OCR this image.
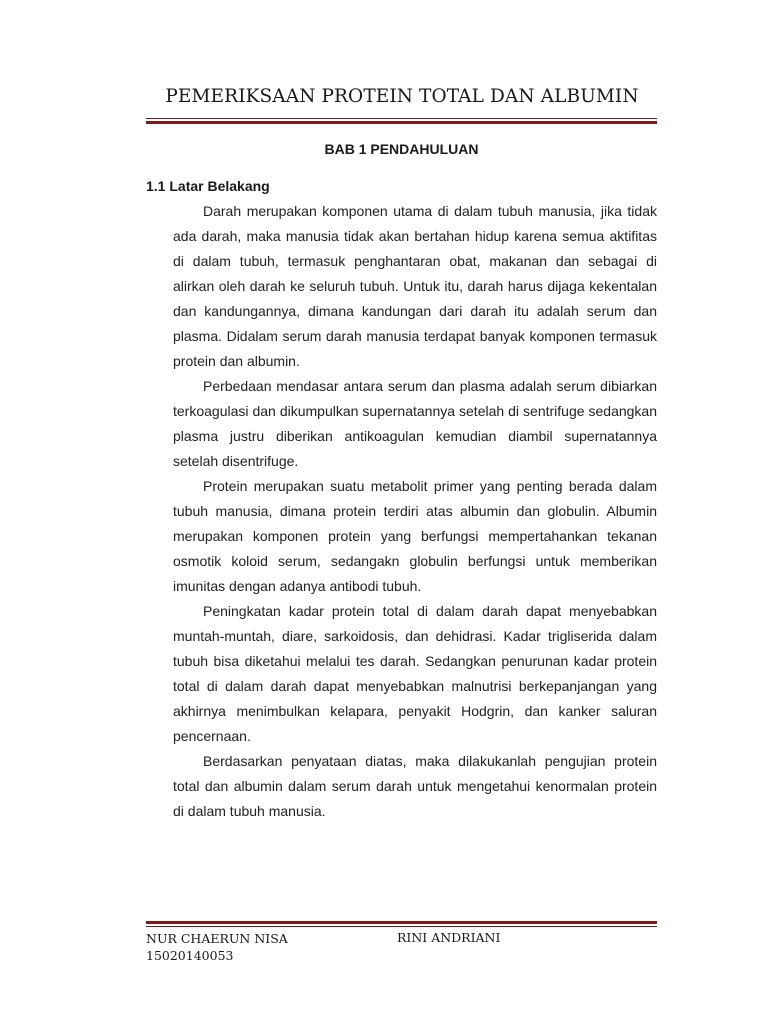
PEMERIKSAAN PROTEIN TOTAL DAN ALBUMIN
BAB 1 PENDAHULUAN
1.1 Latar Belakang

Darah merupakan komponen utama di dalam tubuh manusia, jika tidak ada darah, maka manusia tidak akan bertahan hidup karena semua aktifitas di dalam tubuh, termasuk penghantaran obat, makanan dan sebagai di alirkan oleh darah ke seluruh tubuh. Untuk itu, darah harus dijaga kekentalan dan kandungannya, dimana kandungan dari darah itu adalah serum dan plasma. Didalam serum darah manusia terdapat banyak komponen termasuk protein dan albumin.

Perbedaan mendasar antara serum dan plasma adalah serum dibiarkan terkoagulasi dan dikumpulkan supernatannya setelah di sentrifuge sedangkan plasma justru diberikan antikoagulan kemudian diambil supernatannya setelah disentrifuge.

Protein merupakan suatu metabolit primer yang penting berada dalam tubuh manusia, dimana protein terdiri atas albumin dan globulin. Albumin merupakan komponen protein yang berfungsi mempertahankan tekanan osmotik koloid serum, sedangakn globulin berfungsi untuk memberikan imunitas dengan adanya antibodi tubuh.

Peningkatan kadar protein total di dalam darah dapat menyebabkan muntah-muntah, diare, sarkoidosis, dan dehidrasi. Kadar trigliserida dalam tubuh bisa diketahui melalui tes darah. Sedangkan penurunan kadar protein total di dalam darah dapat menyebabkan malnutrisi berkepanjangan yang akhirnya menimbulkan kelapara, penyakit Hodgrin, dan kanker saluran pencernaan.

Berdasarkan penyataan diatas, maka dilakukanlah pengujian protein total dan albumin dalam serum darah untuk mengetahui kenormalan protein di dalam tubuh manusia.

NUR CHAERUN NISA
15020140053
RINI ANDRIANI
